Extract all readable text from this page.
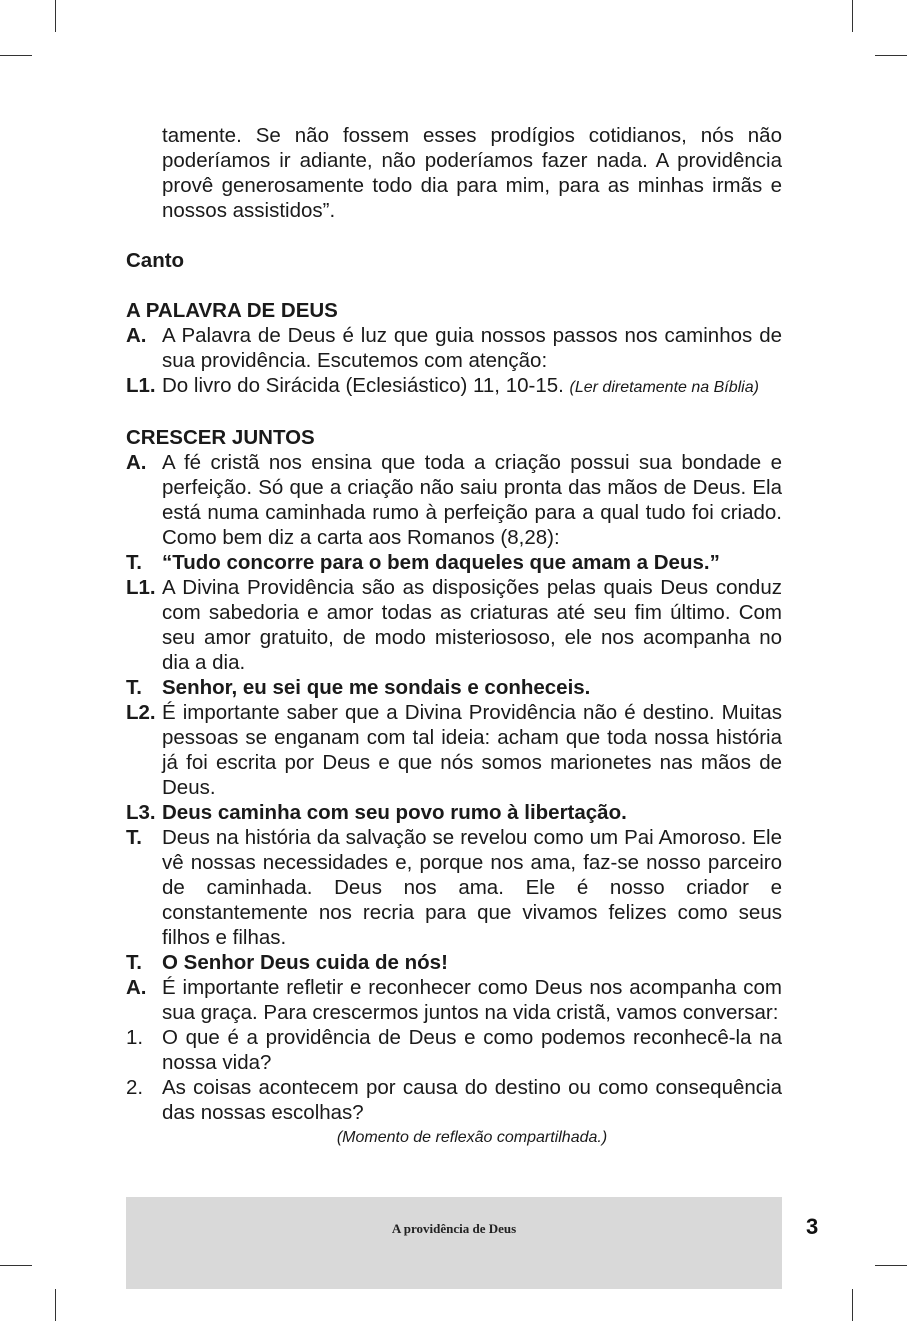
tamente. Se não fossem esses prodígios cotidianos, nós não poderíamos ir adiante, não poderíamos fazer nada. A providência provê generosamente todo dia para mim, para as minhas irmãs e nossos assistidos”.
Canto
A PALAVRA DE DEUS
A. A Palavra de Deus é luz que guia nossos passos nos caminhos de sua providência. Escutemos com atenção:
L1. Do livro do Sirácida (Eclesiástico) 11, 10-15. (Ler diretamente na Bíblia)
CRESCER JUNTOS
A. A fé cristã nos ensina que toda a criação possui sua bondade e perfeição. Só que a criação não saiu pronta das mãos de Deus. Ela está numa caminhada rumo à perfeição para a qual tudo foi criado. Como bem diz a carta aos Romanos (8,28):
T. “Tudo concorre para o bem daqueles que amam a Deus.”
L1. A Divina Providência são as disposições pelas quais Deus conduz com sabedoria e amor todas as criaturas até seu fim último. Com seu amor gratuito, de modo misteriososo, ele nos acompanha no dia a dia.
T. Senhor, eu sei que me sondais e conheceis.
L2. É importante saber que a Divina Providência não é destino. Muitas pessoas se enganam com tal ideia: acham que toda nossa história já foi escrita por Deus e que nós somos marionetes nas mãos de Deus.
L3. Deus caminha com seu povo rumo à libertação.
T. Deus na história da salvação se revelou como um Pai Amoroso. Ele vê nossas necessidades e, porque nos ama, faz-se nosso parceiro de caminhada. Deus nos ama. Ele é nosso criador e constantemente nos recria para que vivamos felizes como seus filhos e filhas.
T. O Senhor Deus cuida de nós!
A. É importante refletir e reconhecer como Deus nos acompanha com sua graça. Para crescermos juntos na vida cristã, vamos conversar:
1. O que é a providência de Deus e como podemos reconhecê-la na nossa vida?
2. As coisas acontecem por causa do destino ou como consequência das nossas escolhas?
(Momento de reflexão compartilhada.)
A providência de Deus	3
